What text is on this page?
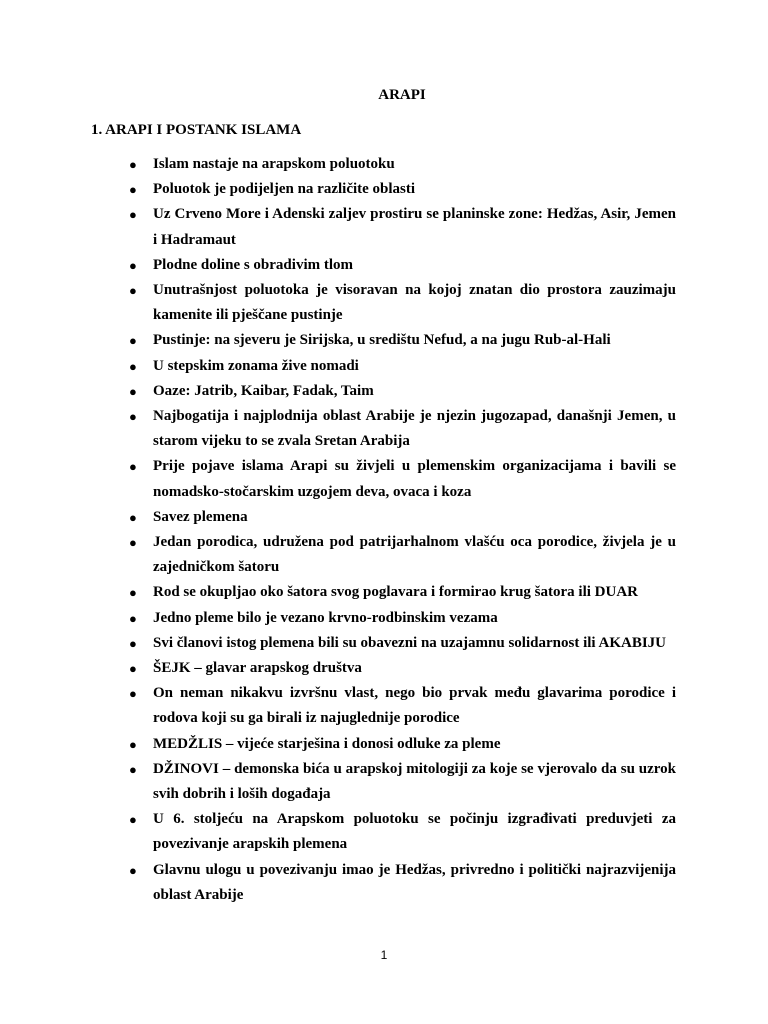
ARAPI
1. ARAPI I POSTANK ISLAMA
● Islam nastaje na arapskom poluotoku
● Poluotok je podijeljen na različite oblasti
● Uz Crveno More i Adenski zaljev prostiru se planinske zone: Hedžas, Asir, Jemen i Hadramaut
● Plodne doline s obradivim tlom
● Unutrašnjost poluotoka je visoravan na kojoj znatan dio prostora zauzimaju kamenite ili pješčane pustinje
● Pustinje: na sjeveru je Sirijska, u središtu Nefud, a na jugu Rub-al-Hali
● U stepskim zonama žive nomadi
● Oaze: Jatrib, Kaibar, Fadak, Taim
● Najbogatija i najplodnija oblast Arabije je njezin jugozapad, današnji Jemen, u starom vijeku to se zvala Sretan Arabija
● Prije pojave islama Arapi su živjeli u plemenskim organizacijama i bavili se nomadsko-stočarskim uzgojem deva, ovaca i koza
● Savez plemena
● Jedan porodica, udružena pod patrijarhalnom vlašću oca porodice, živjela je u zajedničkom šatoru
● Rod se okupljao oko šatora svog poglavara i formirao krug šatora ili DUAR
● Jedno pleme bilo je vezano krvno-rodbinskim vezama
● Svi članovi istog plemena bili su obavezni na uzajamnu solidarnost ili AKABIJU
● ŠEJK – glavar arapskog društva
● On neman nikakvu izvršnu vlast, nego bio prvak među glavarima porodice i rodova koji su ga birali iz najuglednije porodice
● MEDŽLIS – vijeće starješina i donosi odluke za pleme
● DŽINOVI – demonska bića u arapskoj mitologiji za koje se vjerovalo da su uzrok svih dobrih i loših događaja
● U 6. stoljeću na Arapskom poluotoku se počinju izgrađivati preduvjeti za povezivanje arapskih plemena
● Glavnu ulogu u povezivanju imao je Hedžas, privredno i politički najrazvijenija oblast Arabije
1
